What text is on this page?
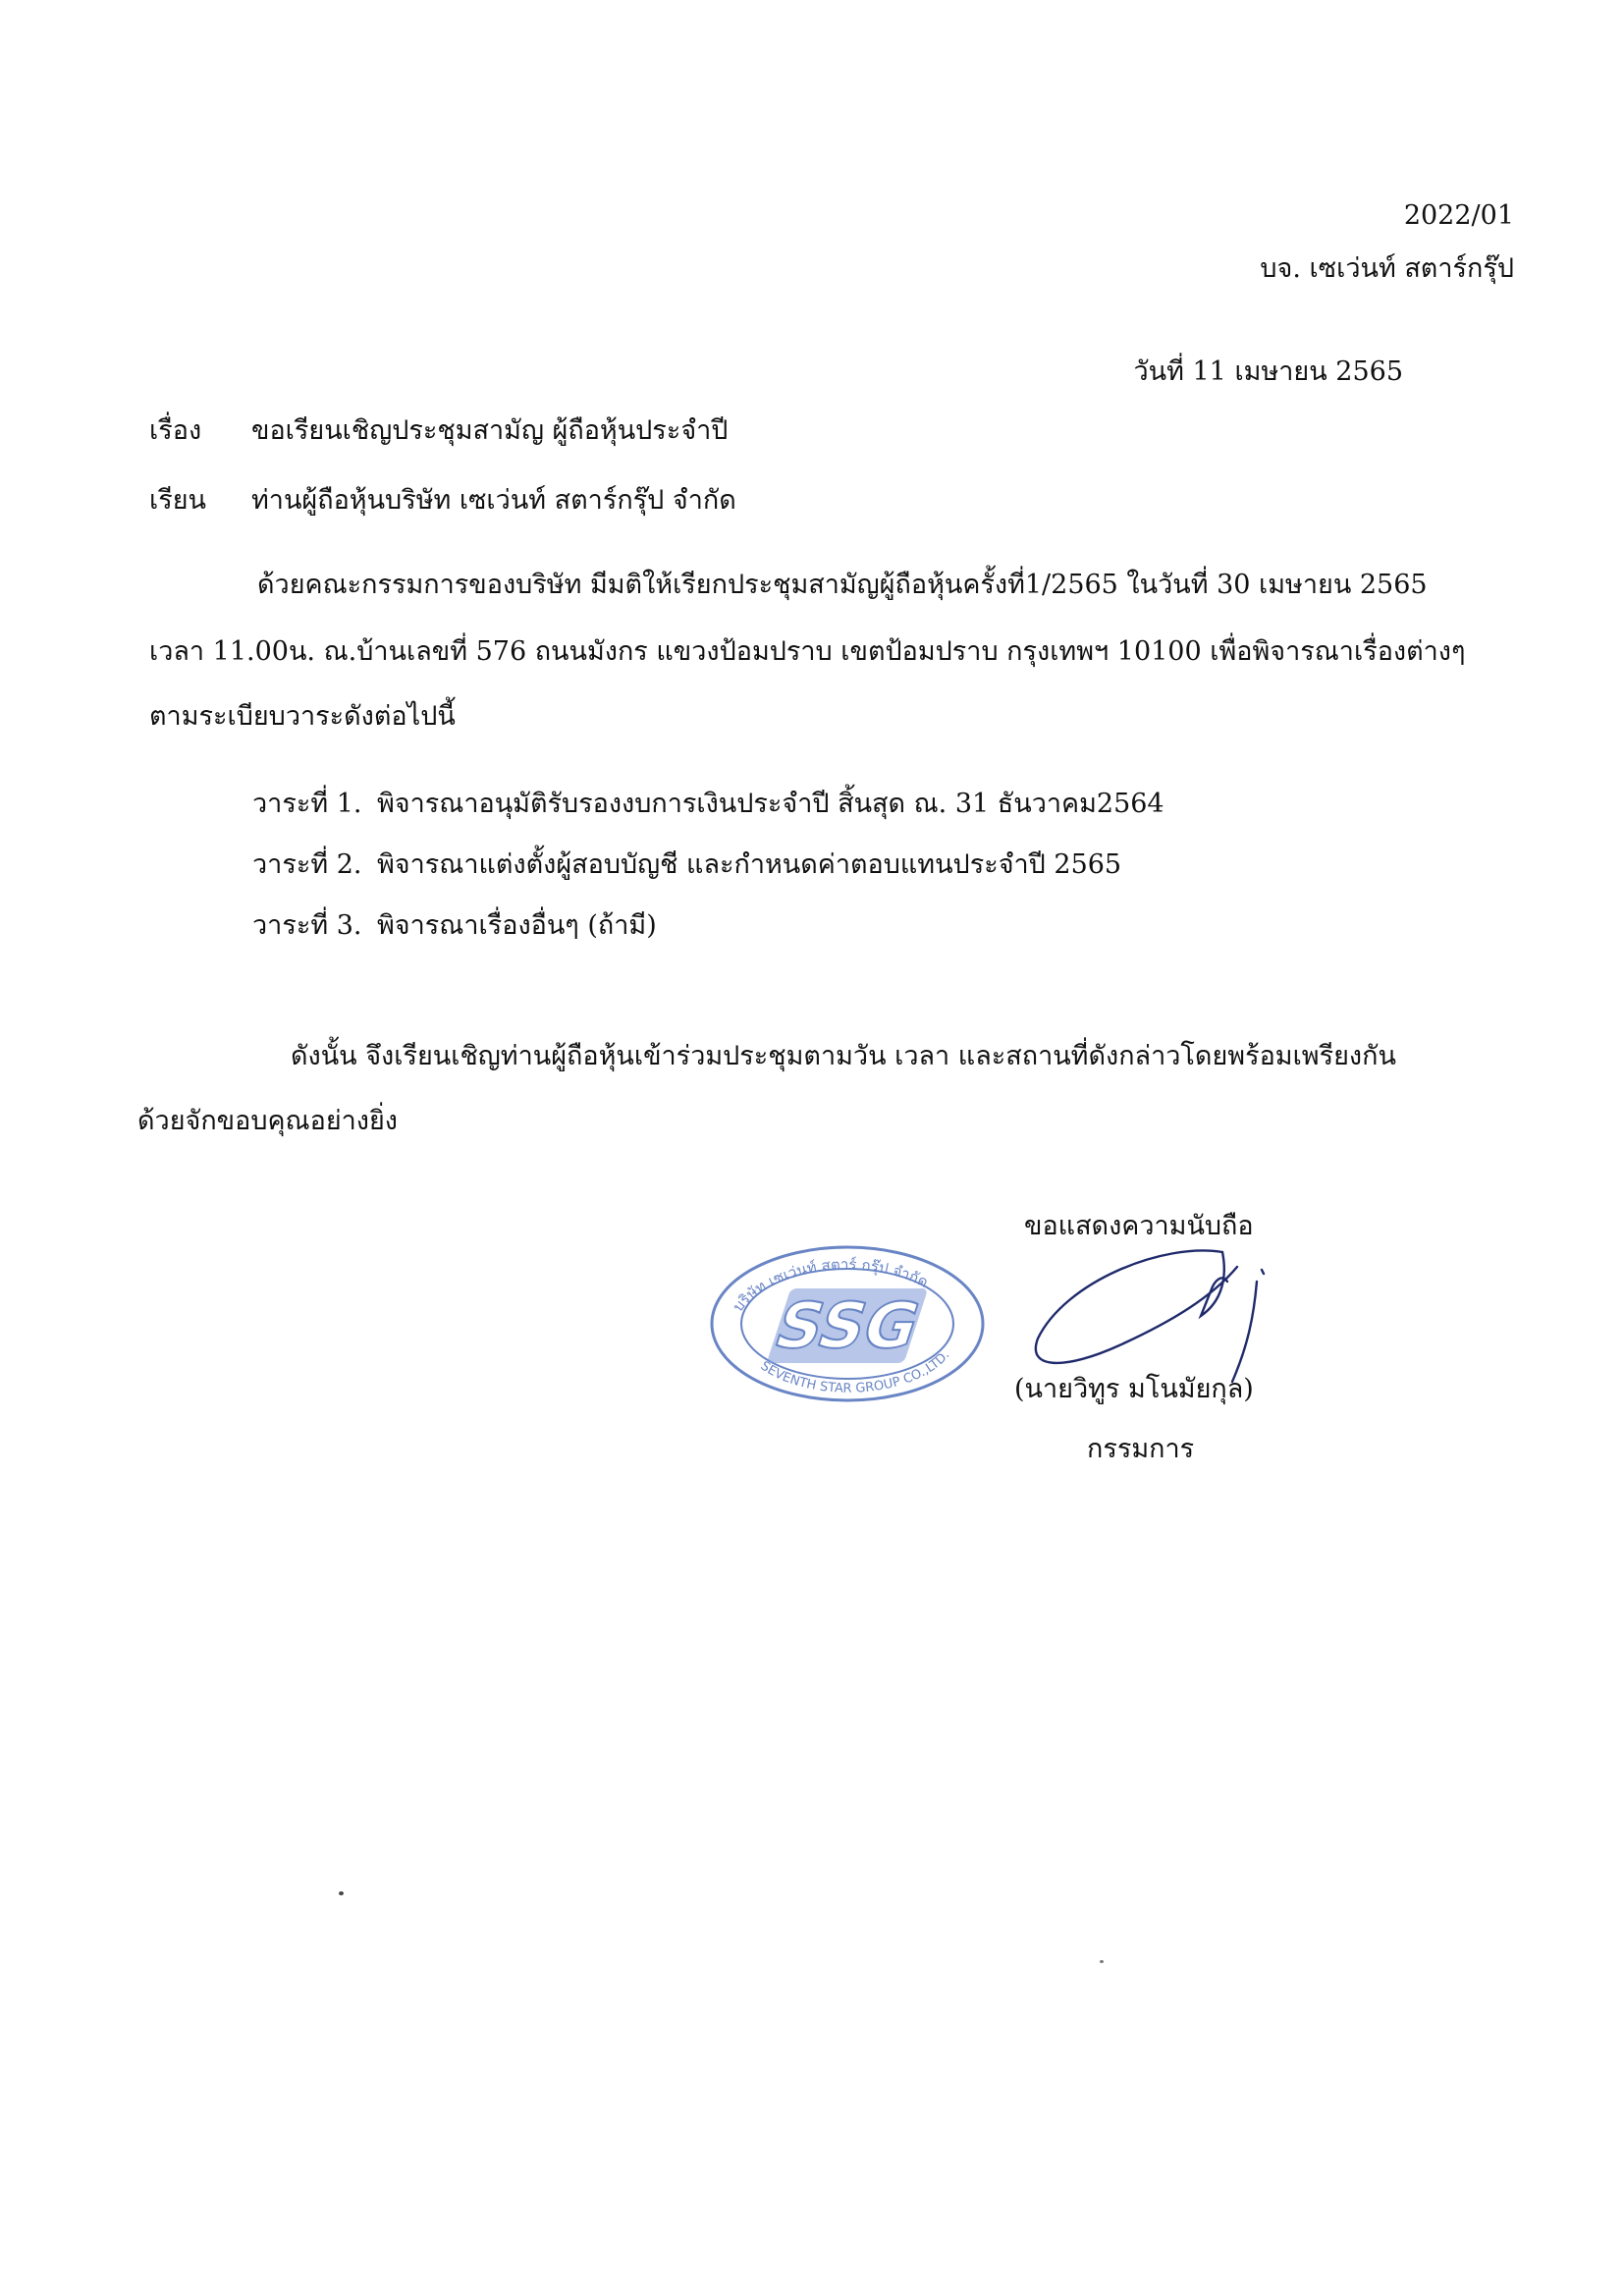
2022/01
บจ. เซเว่นท์ สตาร์กรุ๊ป
วันที่ 11 เมษายน 2565
เรื่อง ขอเรียนเชิญประชุมสามัญ ผู้ถือหุ้นประจำปี
เรียน ท่านผู้ถือหุ้นบริษัท เซเว่นท์ สตาร์กรุ๊ป จำกัด
ด้วยคณะกรรมการของบริษัท มีมติให้เรียกประชุมสามัญผู้ถือหุ้นครั้งที่1/2565 ในวันที่ 30 เมษายน 2565
เวลา 11.00น. ณ.บ้านเลขที่ 576 ถนนมังกร แขวงป้อมปราบ เขตป้อมปราบ กรุงเทพฯ 10100 เพื่อพิจารณาเรื่องต่างๆ
ตามระเบียบวาระดังต่อไปนี้
วาระที่ 1. พิจารณาอนุมัติรับรองงบการเงินประจำปี สิ้นสุด ณ. 31 ธันวาคม2564
วาระที่ 2. พิจารณาแต่งตั้งผู้สอบบัญชี และกำหนดค่าตอบแทนประจำปี 2565
วาระที่ 3. พิจารณาเรื่องอื่นๆ (ถ้ามี)
ดังนั้น จึงเรียนเชิญท่านผู้ถือหุ้นเข้าร่วมประชุมตามวัน เวลา และสถานที่ดังกล่าวโดยพร้อมเพรียงกัน
ด้วยจักขอบคุณอย่างยิ่ง
ขอแสดงความนับถือ
บริษัท เซเว่นท์ สตาร์ กรุ๊ป จำกัด
SEVENTH STAR GROUP CO.,LTD.
SSG
(นายวิทูร มโนมัยกุล)
กรรมการ
